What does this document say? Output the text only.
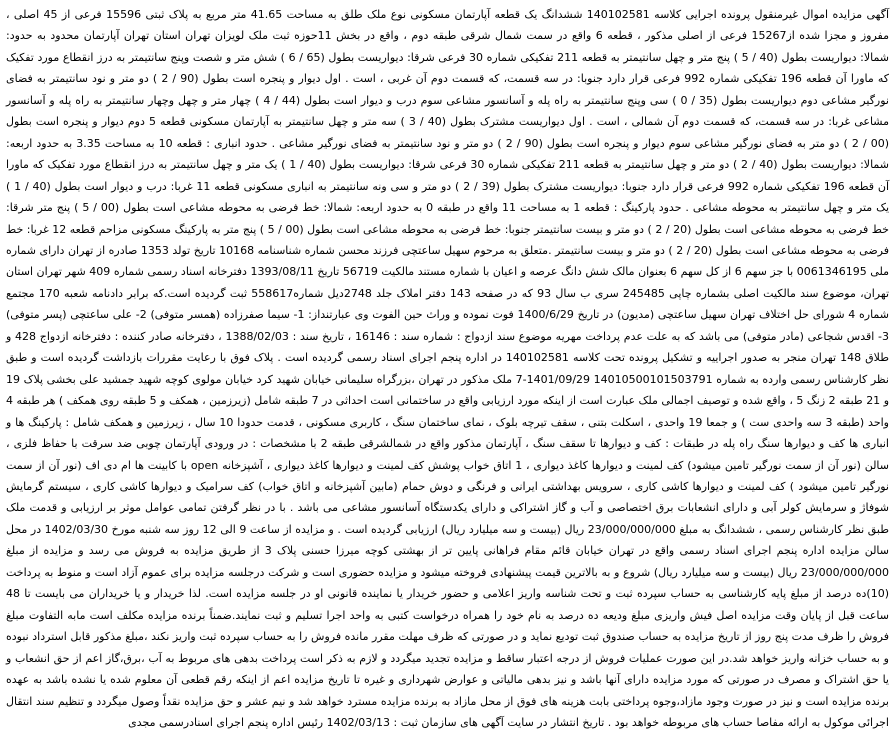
آگهی مزایده اموال غیرمنقول پرونده اجرایی کلاسه 140102581 ششدانگ یک قطعه آپارتمان مسکونی نوع ملک طلق به مساحت 41.65 متر مربع به پلاک ثبتی 15596 فرعی از 45 اصلی ، مفروز و مجزا شده از15267 فرعی از اصلی مذکور ، قطعه 6 واقع در سمت شمال شرقی طبقه دوم ، واقع در بخش 11حوزه ثبت ملک لویزان تهران استان تهران آپارتمان محدود به حدود: شمالا: دیواریست بطول (40 / 5 ) پنج متر و چهل سانتیمتر به قطعه 211 تفکیکی شماره 30 فرعی شرقا: دیواریست بطول (65 / 6 ) شش متر و شصت وپنج سانتیمتر به درز انقطاع مورد تفکیک که ماورا آن قطعه 196 تفکیکی شماره 992 فرعی قرار دارد جنوبا: در سه قسمت، که قسمت دوم آن غربی ، است . اول دیوار و پنجره است بطول (90 / 2 ) دو متر و نود سانتیمتر به فضای نورگیر مشاعی دوم دیواریست بطول (35 / 0 ) سی وپنج سانتیمتر به راه پله و آسانسور مشاعی سوم درب و دیوار است بطول (44 / 4 ) چهار متر و چهل وچهار سانتیمتر به راه پله و آسانسور مشاعی غربا: در سه قسمت، که قسمت دوم آن شمالی ، است . اول دیواریست مشترک بطول (40 / 3 ) سه متر و چهل سانتیمتر به آپارتمان مسکونی قطعه 5 دوم دیوار و پنجره است بطول (00 / 2 ) دو متر به فضای نورگیر مشاعی سوم دیوار و پنجره است بطول (90 / 2 ) دو متر و نود سانتیمتر به فضای نورگیر مشاعی . حدود انباری : قطعه 10 به مساحت 3.35 به حدود اربعه: شمالا: دیواریست بطول (40 / 2 ) دو متر و چهل سانتیمتر به قطعه 211 تفکیکی شماره 30 فرعی شرقا: دیواریست بطول (40 / 1 ) یک متر و چهل سانتیمتر به درز انقطاع مورد تفکیک که ماورا آن قطعه 196 تفکیکی شماره 992 فرعی قرار دارد جنوبا: دیواریست مشترک بطول (39 / 2 ) دو متر و سی ونه سانتیمتر به انباری مسکونی قطعه 11 غربا: درب و دیوار است بطول (40 / 1 ) یک متر و چهل سانتیمتر به محوطه مشاعی . حدود پارکینگ : قطعه 1 به مساحت 11 واقع در طبقه 0 به حدود اربعه: شمالا: خط فرضی به محوطه مشاعی است بطول (00 / 5 ) پنج متر شرقا: خط فرضی به محوطه مشاعی است بطول (20 / 2 ) دو متر و بیست سانتیمتر جنوبا: خط فرضی به محوطه مشاعی است بطول (00 / 5 ) پنج متر به پارکینگ مسکونی مزاحم قطعه 12 غربا: خط فرضی به محوطه مشاعی است بطول (20 / 2 ) دو متر و بیست سانتیمتر .متعلق به مرحوم سهیل ساعتچی فرزند محسن شماره شناسنامه 10168 تاریخ تولد 1353 صادره از تهران دارای شماره ملی 0061346195 با جز سهم 6 از کل سهم 6 بعنوان مالک شش دانگ عرصه و اعیان با شماره مستند مالکیت 56719 تاریخ 1393/08/11 دفترخانه اسناد رسمی شماره 409 شهر تهران استان تهران، موضوع سند مالکیت اصلی بشماره چاپی 245485 سری ب سال 93 که در صفحه 143 دفتر املاک جلد 2748دیل شماره558617 ثبت گردیده است.که برابر دادنامه شعبه 170 مجتمع شماره 4 شورای حل اختلاف تهران سهیل ساعتچی (مدیون) در تاریخ 1400/6/29 فوت نموده و وراث حین الفوت وی عبارتنداز: 1- سیما صفرزاده (همسر متوفی) 2- علی ساعتچی (پسر متوفی) 3- اقدس شجاعی (مادر متوفی) می باشد که به علت عدم پرداخت مهریه موضوع سند ازدواج : شماره سند : 16146 ، تاریخ سند : 1388/02/03 ، دفترخانه صادر کننده : دفترخانه ازدواج 428 و طلاق 148 تهران منجر به صدور اجراییه و تشکیل پرونده تحت کلاسه 140102581 در اداره پنجم اجرای اسناد رسمی گردیده است . پلاک فوق با رعایت مقررات بازداشت گردیده است و طبق نظر کارشناس رسمی وارده به شماره 14010500101503791 1401/09/29-7 ملک مذکور در تهران ،بزرگراه سلیمانی خیابان شهید کرد خیابان مولوی کوچه شهید جمشید علی بخشی پلاک 19 و 21 طبقه 2 زنگ 5 ، واقع شده و توصیف اجمالی ملک عبارت است از اینکه مورد ارزیابی واقع در ساختمانی است احداثی در 7 طبقه شامل (زیرزمین ، همکف و 5 طبقه روی همکف ) هر طبقه 4 واحد (طبقه 3 سه واحدی ست ) و جمعا 19 واحدی ، اسکلت بتنی ، سقف تیرچه بلوک ، نمای ساختمان سنگ ، کاربری مسکونی ، قدمت حدودا 10 سال ، زیرزمین و همکف شامل : پارکینگ ها و انباری ها کف و دیوارها سنگ راه پله در طبقات : کف و دیوارها تا سقف سنگ ، آپارتمان مذکور واقع در شمالشرقی طبقه 2 با مشخصات : در ورودی آپارتمان چوبی ضد سرقت با حفاظ فلزی ، سالن (نور آن از سمت نورگیر تامین میشود) کف لمینت و دیوارها کاغذ دیواری ، 1 اتاق خواب پوشش کف لمینت و دیوارها کاغذ دیواری ، آشپزخانه open با کابینت ها ام دی اف (نور آن از سمت نورگیر تامین میشود ) کف لمینت و دیوارها کاشی کاری ، سرویس بهداشتی ایرانی و فرنگی و دوش حمام (مابین آشپزخانه و اتاق خواب) کف سرامیک و دیوارها کاشی کاری ، سیستم گرمایش شوفاژ و سرمایش کولر آبی و دارای انشعابات برق اختصاصی و آب و گاز اشتراکی و دارای یکدستگاه آسانسور مشاعی می باشد . با در نظر گرفتن تمامی عوامل موثر بر ارزیابی و قدمت ملک طبق نظر کارشناس رسمی ، ششدانگ به مبلغ 23/000/000/000 ریال (بیست و سه میلیارد ریال) ارزیابی گردیده است . و مزایده از ساعت 9 الی 12 روز سه شنبه مورخ 1402/03/30 در محل سالن مزایده اداره پنجم اجرای اسناد رسمی واقع در تهران خیابان قائم مقام فراهانی پایین تر از بهشتی کوچه میرزا حسنی پلاک 3 از طریق مزایده به فروش می رسد و مزایده از مبلغ 23/000/000/000 ریال (بیست و سه میلیارد ریال) شروع و به بالاترین قیمت پیشنهادی فروخته میشود و مزایده حضوری است و شرکت درجلسه مزایده برای عموم آزاد است و منوط به پرداخت (10)ده درصد از مبلغ پایه کارشناسی به حساب سپرده ثبت و تحت شناسه واریز اعلامی و حضور خریدار یا نماینده قانونی او در جلسه مزایده است. لذا خریدار و یا خریداران می بایست تا 48 ساعت قبل از پایان وقت مزایده اصل فیش واریزی مبلغ ودیعه ده درصد به نام خود را همراه درخواست کتبی به واحد اجرا تسلیم و ثبت نمایند.ضمناً برنده مزایده مکلف است مابه التفاوت مبلغ فروش را ظرف مدت پنج روز از تاریخ مزایده به حساب صندوق ثبت تودیع نماید و در صورتی که ظرف مهلت مقرر مانده فروش را به حساب سپرده ثبت واریز نکند ،مبلغ مذکور قابل استرداد نبوده و به حساب خزانه واریز خواهد شد.در این صورت عملیات فروش از درجه اعتبار ساقط و مزایده تجدید میگردد و لازم به ذکر است پرداخت بدهی های مربوط به آب ،برق،گاز اعم از حق انشعاب و یا حق اشتراک و مصرف در صورتی که مورد مزایده دارای آنها باشد و نیز بدهی مالیاتی و عوارض شهرداری و غیره تا تاریخ مزایده اعم از اینکه رقم قطعی آن معلوم شده یا نشده باشد به عهده برنده مزایده است و نیز در صورت وجود مازاد،وجوه پرداختی بابت هزینه های فوق از محل مازاد به برنده مزایده مسترد خواهد شد و نیم عشر و حق مزایده نقداً وصول میگردد و تنظیم سند انتقال اجرائی موکول به ارائه مفاصا حساب های مربوطه خواهد بود . تاریخ انتشار در سایت آگهی های سازمان ثبت : 1402/03/13 رئیس اداره پنجم اجرای اسنادرسمی مجدی
